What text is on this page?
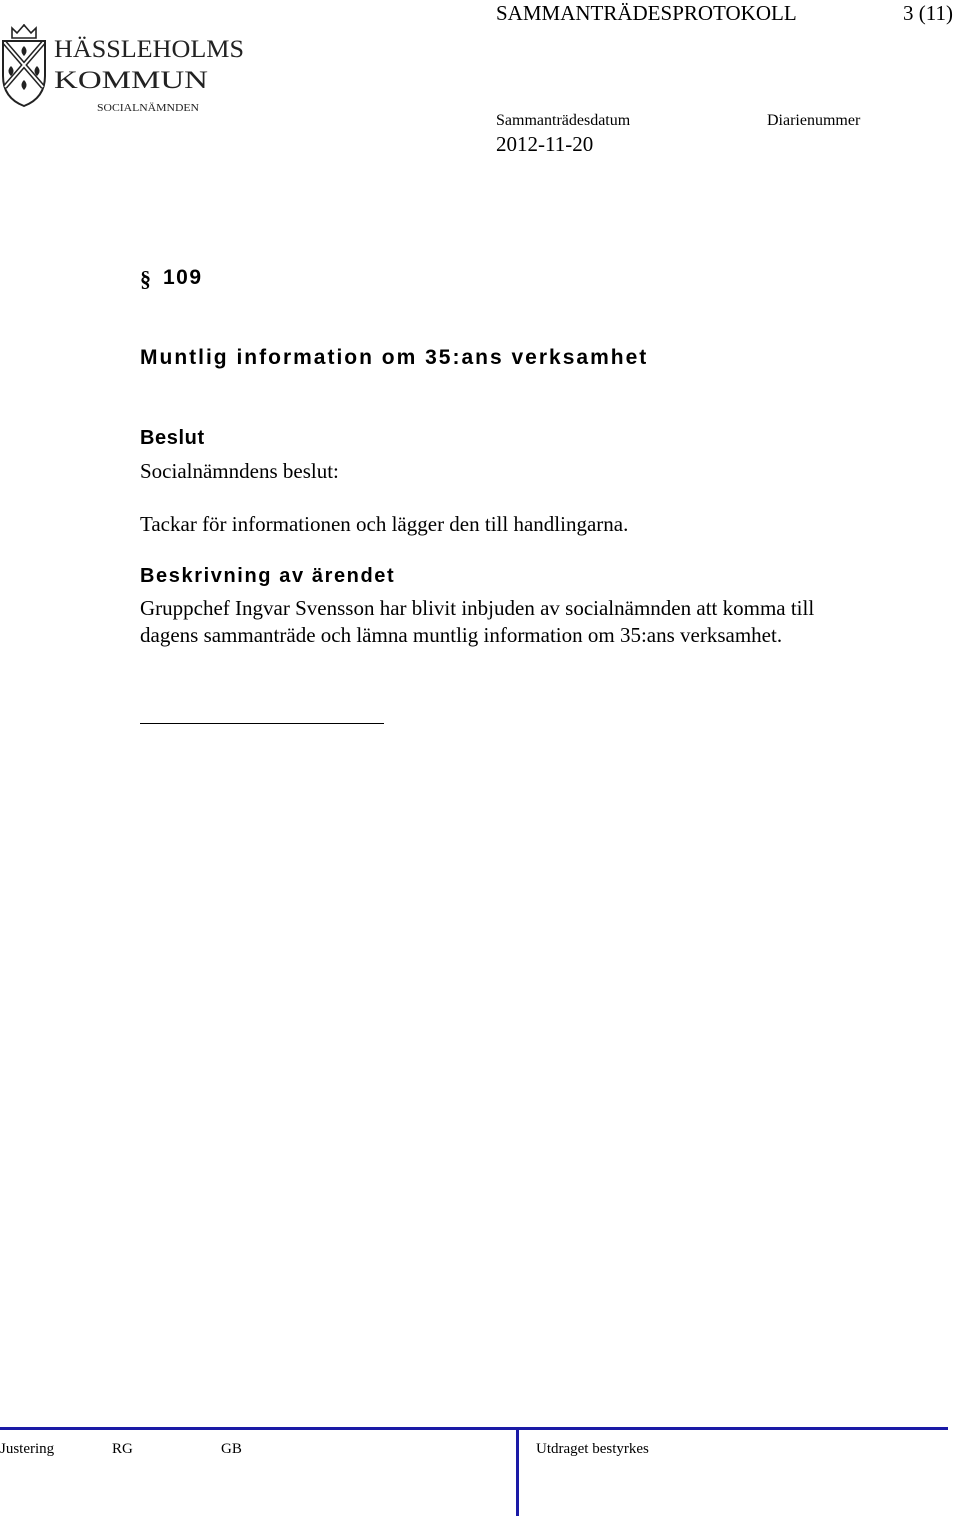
SAMMANTRÄDESPROTOKOLL	3 (11)
HÄSSLEHOLMS
KOMMUN
SOCIALNÄMNDEN
Sammanträdesdatum	Diarienummer
2012-11-20
§ 109
Muntlig information om 35:ans verksamhet
Beslut
Socialnämndens beslut:
Tackar för informationen och lägger den till handlingarna.
Beskrivning av ärendet
Gruppchef Ingvar Svensson har blivit inbjuden av socialnämnden att komma till
dagens sammanträde och lämna muntlig information om 35:ans verksamhet.
Justering	RG	GB	Utdraget bestyrkes
